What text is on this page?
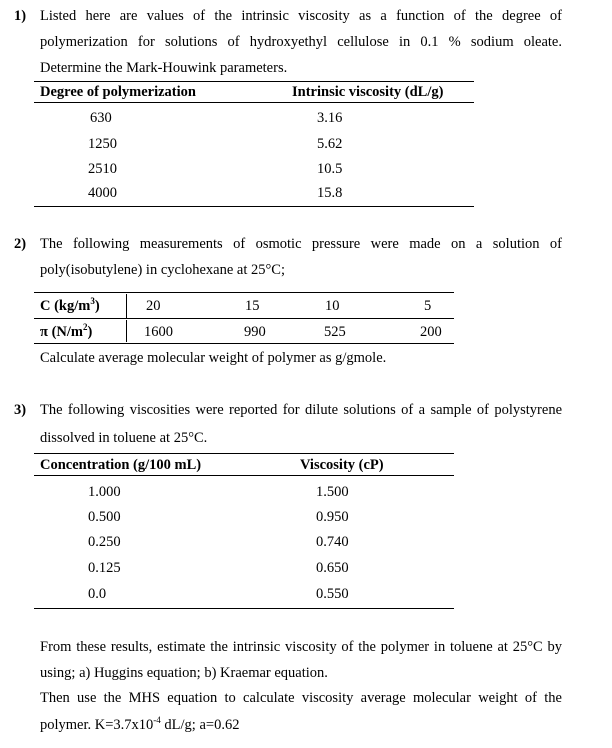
1) Listed here are values of the intrinsic viscosity as a function of the degree of
polymerization for solutions of hydroxyethyl cellulose in 0.1 % sodium oleate.
Determine the Mark-Houwink parameters.
Degree of polymerization	Intrinsic viscosity (dL/g)
630	3.16
1250	5.62
2510	10.5
4000	15.8
2) The following measurements of osmotic pressure were made on a solution of
poly(isobutylene) in cyclohexane at 25°C;
C $(kg/m^3)$	20	15	10	5
π $(N/m^2)$	1600	990	525	200
Calculate average molecular weight of polymer as g/gmole.
3) The following viscosities were reported for dilute solutions of a sample of polystyrene
dissolved in toluene at 25°C.
Concentration (g/100 mL)	Viscosity (cP)
1.000	1.500
0.500	0.950
0.250	0.740
0.125	0.650
0.0	0.550
From these results, estimate the intrinsic viscosity of the polymer in toluene at 25°C by
using; a) Huggins equation; b) Kraemar equation.
Then use the MHS equation to calculate viscosity average molecular weight of the
polymer. $K=3.7x10^{-4}$ dL/g; a=0.62
